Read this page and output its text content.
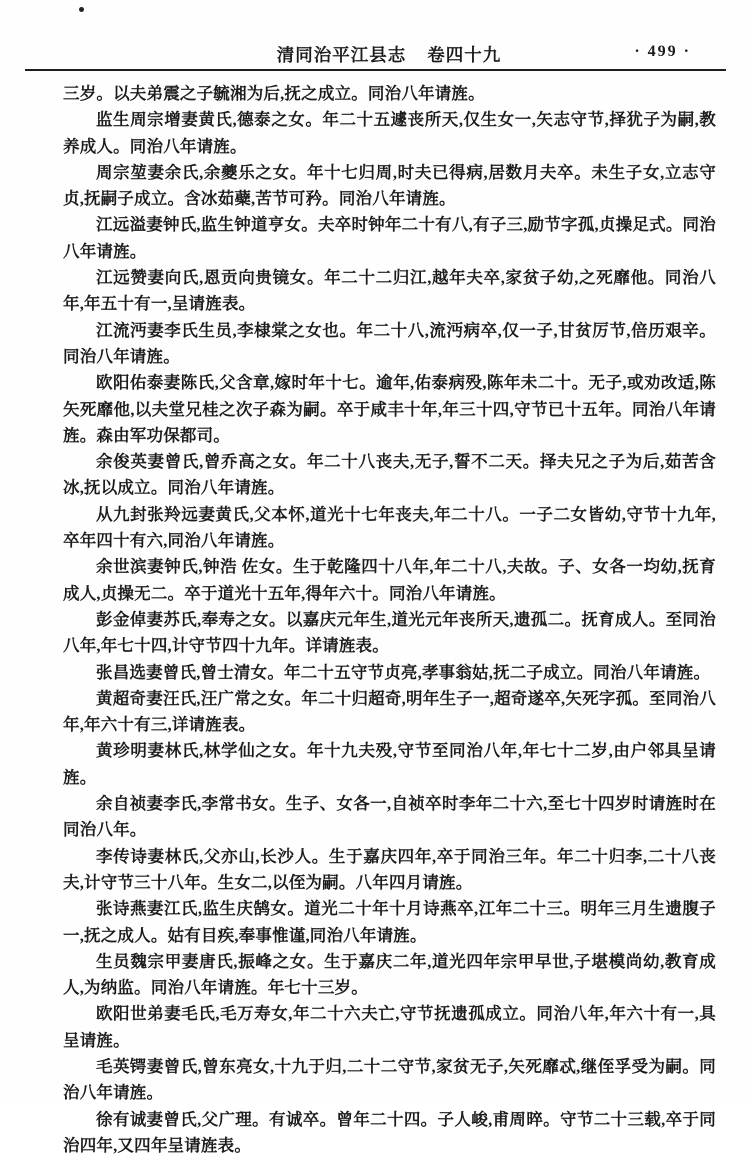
清同治平江县志 卷四十九	· 499 ·

三岁。以夫弟震之子毓湘为后,抚之成立。同治八年请旌。

监生周宗增妻黄氏,德泰之女。年二十五遽丧所天,仅生女一,矢志守节,择犹子为嗣,教养成人。同治八年请旌。

周宗堃妻余氏,余夔乐之女。年十七归周,时夫已得病,居数月夫卒。未生子女,立志守贞,抚嗣子成立。含冰茹蘗,苦节可矜。同治八年请旌。

江远溢妻钟氏,监生钟道亨女。夫卒时钟年二十有八,有子三,励节字孤,贞操足式。同治八年请旌。

江远赞妻向氏,恩贡向贵镜女。年二十二归江,越年夫卒,家贫子幼,之死靡他。同治八年,年五十有一,呈请旌表。

江流沔妻李氏生员,李棣棠之女也。年二十八,流沔病卒,仅一子,甘贫厉节,倍历艰辛。同治八年请旌。

欧阳佑泰妻陈氏,父含章,嫁时年十七。逾年,佑泰病殁,陈年未二十。无子,或劝改适,陈矢死靡他,以夫堂兄桂之次子森为嗣。卒于咸丰十年,年三十四,守节已十五年。同治八年请旌。森由军功保都司。

余俊英妻曾氏,曾乔高之女。年二十八丧夫,无子,誓不二天。择夫兄之子为后,茹苦含冰,抚以成立。同治八年请旌。

从九封张羚远妻黄氏,父本怀,道光十七年丧夫,年二十八。一子二女皆幼,守节十九年,卒年四十有六,同治八年请旌。

余世滨妻钟氏,钟浩 佐女。生于乾隆四十八年,年二十八,夫故。子、女各一均幼,抚育成人,贞操无二。卒于道光十五年,得年六十。同治八年请旌。

彭金倬妻苏氏,奉寿之女。以嘉庆元年生,道光元年丧所天,遗孤二。抚育成人。至同治八年,年七十四,计守节四十九年。详请旌表。

张昌选妻曾氏,曾士清女。年二十五守节贞亮,孝事翁姑,抚二子成立。同治八年请旌。

黄超奇妻汪氏,汪广常之女。年二十归超奇,明年生子一,超奇遂卒,矢死字孤。至同治八年,年六十有三,详请旌表。

黄珍明妻林氏,林学仙之女。年十九夫殁,守节至同治八年,年七十二岁,由户邻具呈请旌。

余自祯妻李氏,李常书女。生子、女各一,自祯卒时李年二十六,至七十四岁时请旌时在同治八年。

李传诗妻林氏,父亦山,长沙人。生于嘉庆四年,卒于同治三年。年二十归李,二十八丧夫,计守节三十八年。生女二,以侄为嗣。八年四月请旌。

张诗燕妻江氏,监生庆鹄女。道光二十年十月诗燕卒,江年二十三。明年三月生遗腹子一,抚之成人。姑有目疾,奉事惟谨,同治八年请旌。

生员魏宗甲妻唐氏,振峰之女。生于嘉庆二年,道光四年宗甲早世,子堪模尚幼,教育成人,为纳监。同治八年请旌。年七十三岁。

欧阳世弟妻毛氏,毛万寿女,年二十六夫亡,守节抚遗孤成立。同治八年,年六十有一,具呈请旌。

毛英锷妻曾氏,曾东亮女,十九于归,二十二守节,家贫无子,矢死靡忒,继侄孚受为嗣。同治八年请旌。

徐有诚妻曾氏,父广理。有诚卒。曾年二十四。子人峻,甫周晬。守节二十三载,卒于同治四年,又四年呈请旌表。
